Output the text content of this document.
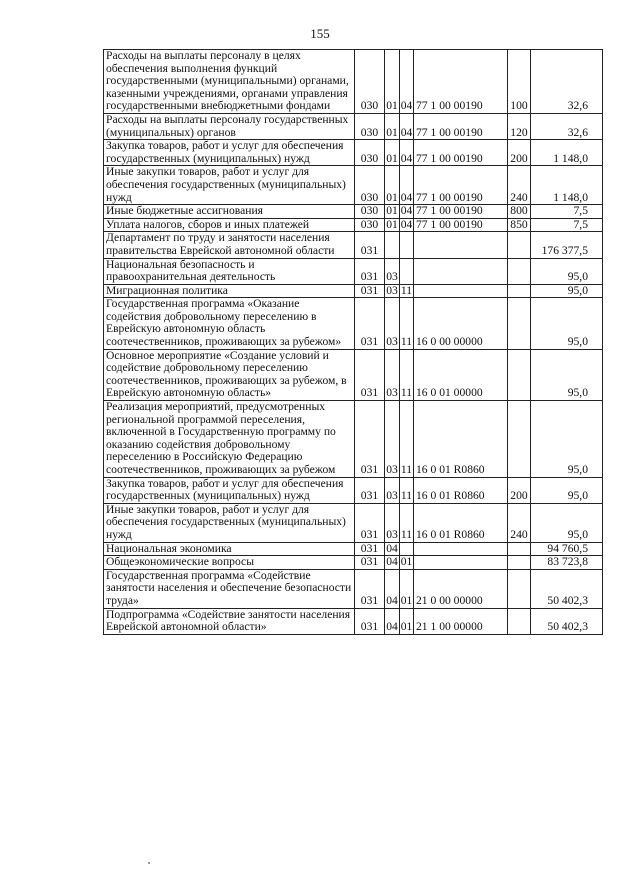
155
Расходы на выплаты персоналу в целях обеспечения выполнения функций государственными (муниципальными) органами, казенными учреждениями, органами управления государственными внебюджетными фондами	030	01	04	77 1 00 00190	100	32,6
Расходы на выплаты персоналу государственных (муниципальных) органов	030	01	04	77 1 00 00190	120	32,6
Закупка товаров, работ и услуг для обеспечения государственных (муниципальных) нужд	030	01	04	77 1 00 00190	200	1 148,0
Иные закупки товаров, работ и услуг для обеспечения государственных (муниципальных) нужд	030	01	04	77 1 00 00190	240	1 148,0
Иные бюджетные ассигнования	030	01	04	77 1 00 00190	800	7,5
Уплата налогов, сборов и иных платежей	030	01	04	77 1 00 00190	850	7,5
Департамент по труду и занятости населения правительства Еврейской автономной области	031					176 377,5
Национальная безопасность и правоохранительная деятельность	031	03				95,0
Миграционная политика	031	03	11			95,0
Государственная программа «Оказание содействия добровольному переселению в Еврейскую автономную область соотечественников, проживающих за рубежом»	031	03	11	16 0 00 00000		95,0
Основное мероприятие «Создание условий и содействие добровольному переселению соотечественников, проживающих за рубежом, в Еврейскую автономную область»	031	03	11	16 0 01 00000		95,0
Реализация мероприятий, предусмотренных региональной программой переселения, включенной в Государственную программу по оказанию содействия добровольному переселению в Российскую Федерацию соотечественников, проживающих за рубежом	031	03	11	16 0 01 R0860		95,0
Закупка товаров, работ и услуг для обеспечения государственных (муниципальных) нужд	031	03	11	16 0 01 R0860	200	95,0
Иные закупки товаров, работ и услуг для обеспечения государственных (муниципальных) нужд	031	03	11	16 0 01 R0860	240	95,0
Национальная экономика	031	04				94 760,5
Общеэкономические вопросы	031	04	01			83 723,8
Государственная программа «Содействие занятости населения и обеспечение безопасности труда»	031	04	01	21 0 00 00000		50 402,3
Подпрограмма «Содействие занятости населения Еврейской автономной области»	031	04	01	21 1 00 00000		50 402,3
